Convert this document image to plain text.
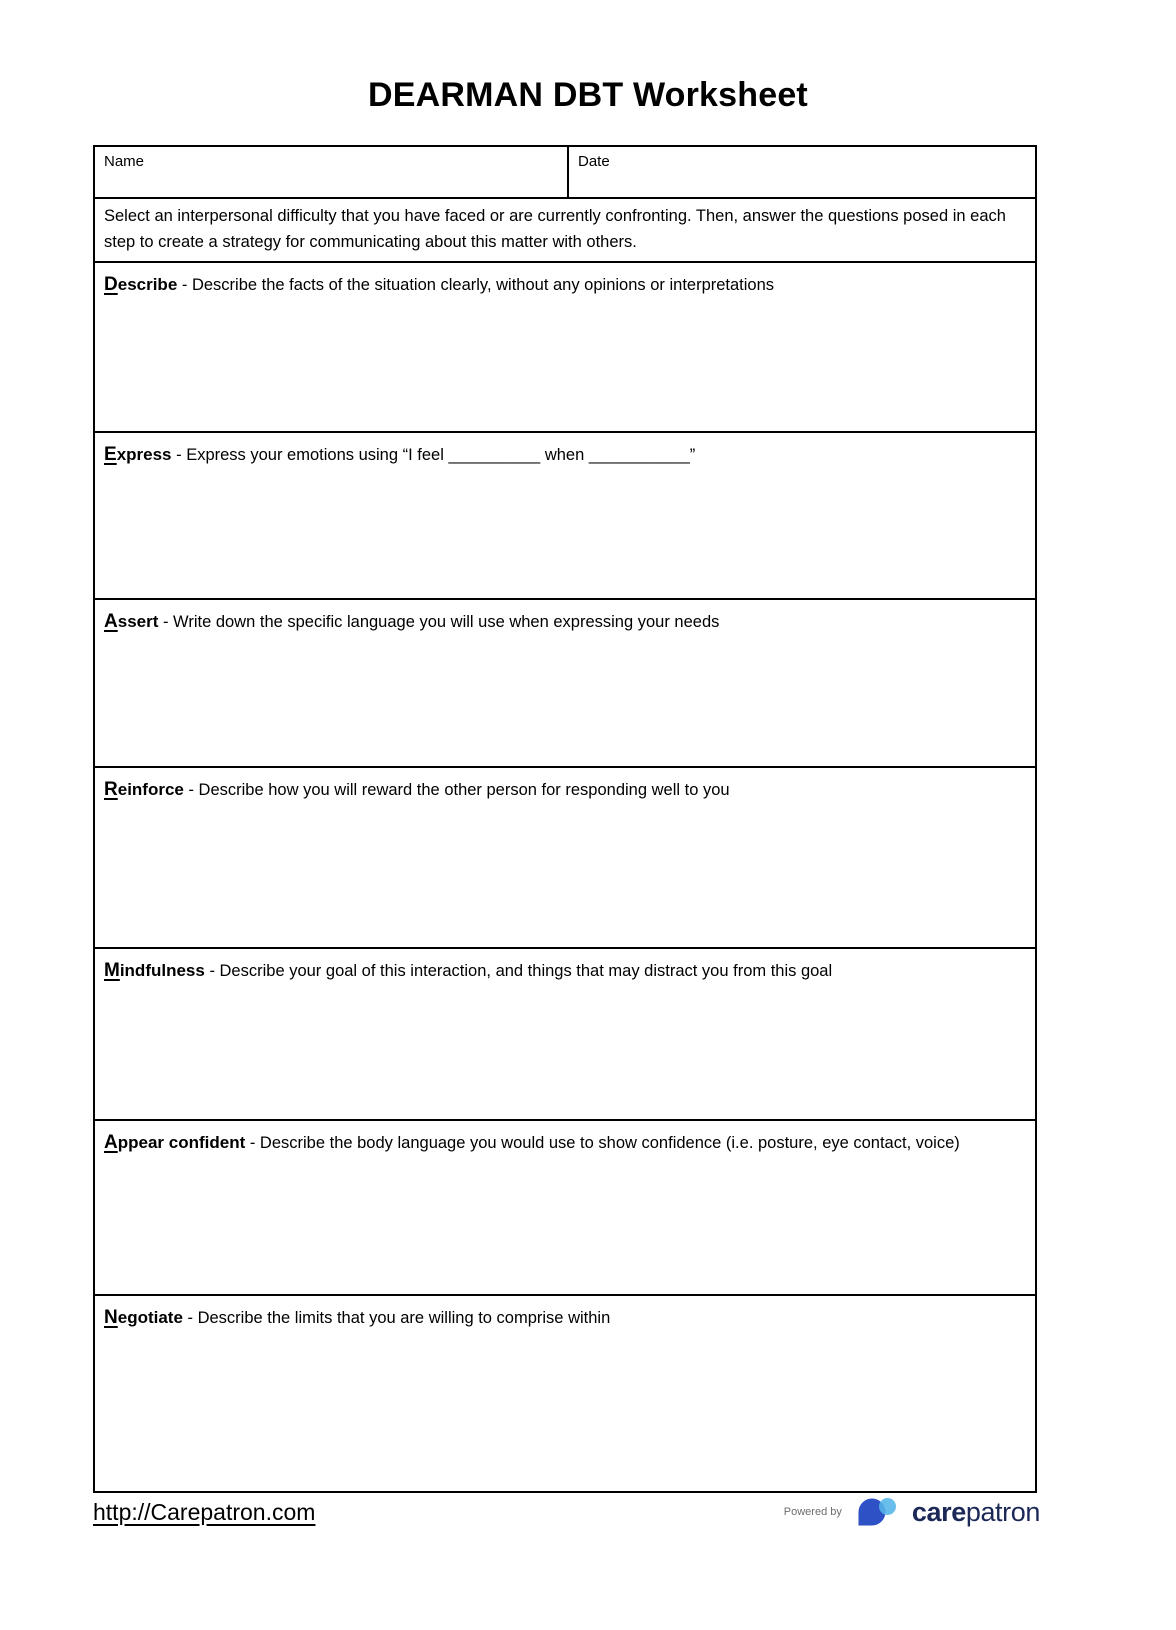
DEARMAN DBT Worksheet
Name	Date

Select an interpersonal difficulty that you have faced or are currently confronting. Then, answer the questions posed in each step to create a strategy for communicating about this matter with others.

Describe - Describe the facts of the situation clearly, without any opinions or interpretations

Express - Express your emotions using “I feel __________ when ___________”

Assert - Write down the specific language you will use when expressing your needs

Reinforce - Describe how you will reward the other person for responding well to you

Mindfulness - Describe your goal of this interaction, and things that may distract you from this goal

Appear confident - Describe the body language you would use to show confidence (i.e. posture, eye contact, voice)

Negotiate - Describe the limits that you are willing to comprise within

http://Carepatron.com	Powered by	carepatron
